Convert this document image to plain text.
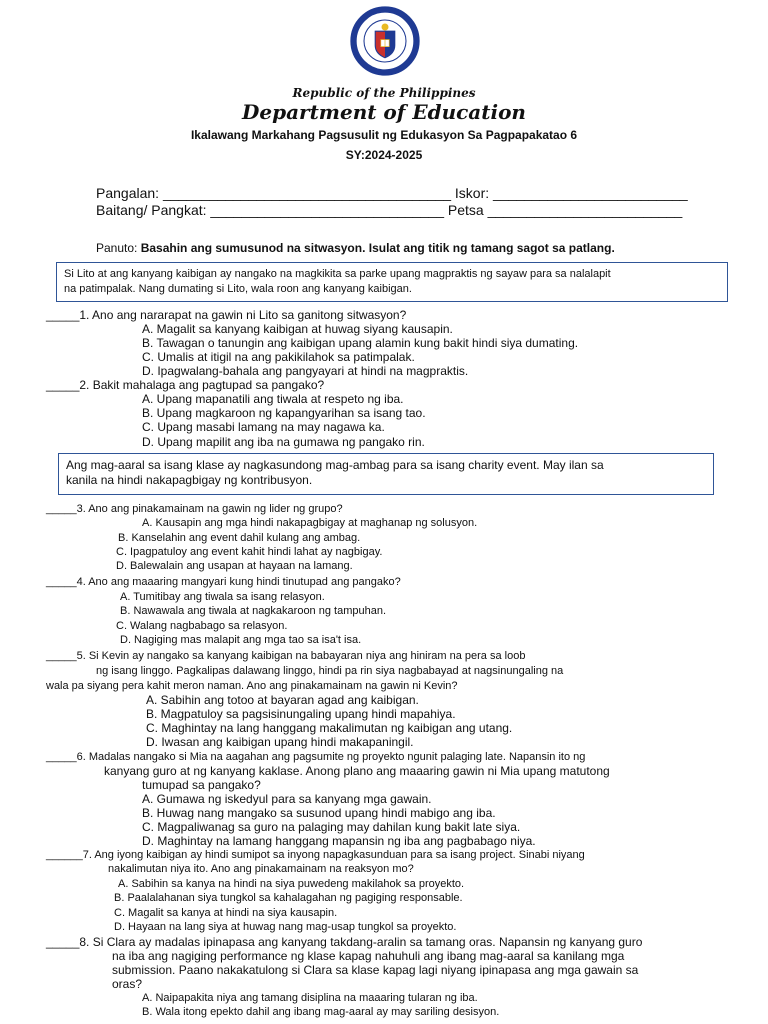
Republic of the Philippines
Department of Education
Ikalawang Markahang Pagsusulit ng Edukasyon Sa Pagpapakatao 6
SY:2024-2025
Pangalan: _____________________________________ Iskor: _________________________
Baitang/ Pangkat: ______________________________ Petsa _________________________
Panuto: Basahin ang sumusunod na sitwasyon. Isulat ang titik ng tamang sagot sa patlang.

Si Lito at ang kanyang kaibigan ay nangako na magkikita sa parke upang magpraktis ng sayaw para sa nalalapit

na patimpalak. Nang dumating si Lito, wala roon ang kanyang kaibigan.

_____1. Ano ang nararapat na gawin ni Lito sa ganitong sitwasyon?
A. Magalit sa kanyang kaibigan at huwag siyang kausapin.
B. Tawagan o tanungin ang kaibigan upang alamin kung bakit hindi siya dumating.
C. Umalis at itigil na ang pakikilahok sa patimpalak.
D. Ipagwalang-bahala ang pangyayari at hindi na magpraktis.
_____2. Bakit mahalaga ang pagtupad sa pangako?
A. Upang mapanatili ang tiwala at respeto ng iba.
B. Upang magkaroon ng kapangyarihan sa isang tao.
C. Upang masabi lamang na may nagawa ka.
D. Upang mapilit ang iba na gumawa ng pangako rin.

Ang mag-aaral sa isang klase ay nagkasundong mag-ambag para sa isang charity event. May ilan sa

kanila na hindi nakapagbigay ng kontribusyon.

_____3. Ano ang pinakamainam na gawin ng lider ng grupo?
A. Kausapin ang mga hindi nakapagbigay at maghanap ng solusyon.
B. Kanselahin ang event dahil kulang ang ambag.
C. Ipagpatuloy ang event kahit hindi lahat ay nagbigay.
D. Balewalain ang usapan at hayaan na lamang.
_____4. Ano ang maaaring mangyari kung hindi tinutupad ang pangako?
A. Tumitibay ang tiwala sa isang relasyon.
B. Nawawala ang tiwala at nagkakaroon ng tampuhan.
C. Walang nagbabago sa relasyon.
D. Nagiging mas malapit ang mga tao sa isa't isa.
_____5. Si Kevin ay nangako sa kanyang kaibigan na babayaran niya ang hiniram na pera sa loob
ng isang linggo. Pagkalipas dalawang linggo, hindi pa rin siya nagbabayad at nagsinungaling na
wala pa siyang pera kahit meron naman. Ano ang pinakamainam na gawin ni Kevin?
A. Sabihin ang totoo at bayaran agad ang kaibigan.
B. Magpatuloy sa pagsisinungaling upang hindi mapahiya.
C. Maghintay na lang hanggang makalimutan ng kaibigan ang utang.
D. Iwasan ang kaibigan upang hindi makapaningil.
_____6. Madalas nangako si Mia na aagahan ang pagsumite ng proyekto ngunit palaging late. Napansin ito ng
kanyang guro at ng kanyang kaklase. Anong plano ang maaaring gawin ni Mia upang matutong
tumupad sa pangako?
A. Gumawa ng iskedyul para sa kanyang mga gawain.
B. Huwag nang mangako sa susunod upang hindi mabigo ang iba.
C. Magpaliwanag sa guro na palaging may dahilan kung bakit late siya.
D. Maghintay na lamang hanggang mapansin ng iba ang pagbabago niya.
______7. Ang iyong kaibigan ay hindi sumipot sa inyong napagkasunduan para sa isang project. Sinabi niyang
nakalimutan niya ito. Ano ang pinakamainam na reaksyon mo?
A. Sabihin sa kanya na hindi na siya puwedeng makilahok sa proyekto.
B. Paalalahanan siya tungkol sa kahalagahan ng pagiging responsable.
C. Magalit sa kanya at hindi na siya kausapin.
D. Hayaan na lang siya at huwag nang mag-usap tungkol sa proyekto.
_____8. Si Clara ay madalas ipinapasa ang kanyang takdang-aralin sa tamang oras. Napansin ng kanyang guro
na iba ang nagiging performance ng klase kapag nahuhuli ang ibang mag-aaral sa kanilang mga
submission. Paano nakakatulong si Clara sa klase kapag lagi niyang ipinapasa ang mga gawain sa
oras?
A. Naipapakita niya ang tamang disiplina na maaaring tularan ng iba.
B. Wala itong epekto dahil ang ibang mag-aaral ay may sariling desisyon.
